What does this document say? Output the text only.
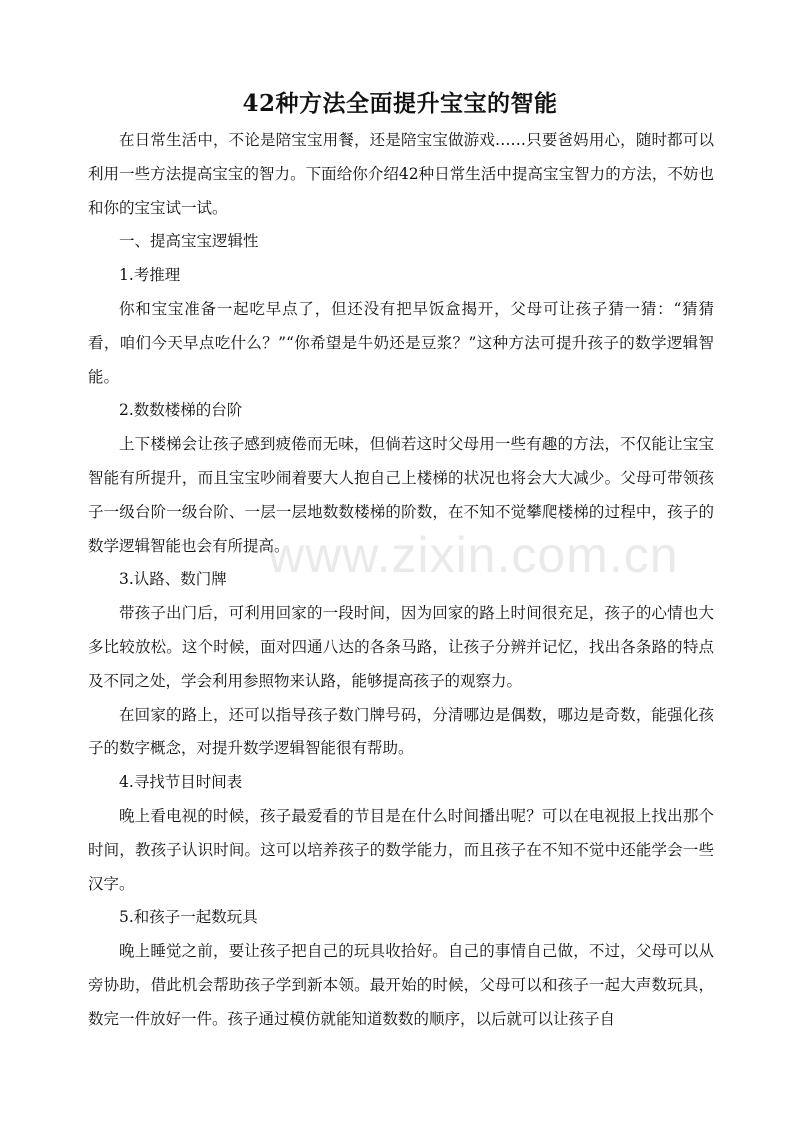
42种方法全面提升宝宝的智能

在日常生活中，不论是陪宝宝用餐，还是陪宝宝做游戏……只要爸妈用心，随时都可以利用一些方法提高宝宝的智力。下面给你介绍42种日常生活中提高宝宝智力的方法，不妨也和你的宝宝试一试。

一、提高宝宝逻辑性

1.考推理

你和宝宝准备一起吃早点了，但还没有把早饭盒揭开，父母可让孩子猜一猜：“猜猜看，咱们今天早点吃什么？”“你希望是牛奶还是豆浆？”这种方法可提升孩子的数学逻辑智能。

2.数数楼梯的台阶

上下楼梯会让孩子感到疲倦而无味，但倘若这时父母用一些有趣的方法，不仅能让宝宝智能有所提升，而且宝宝吵闹着要大人抱自己上楼梯的状况也将会大大减少。父母可带领孩子一级台阶一级台阶、一层一层地数数楼梯的阶数，在不知不觉攀爬楼梯的过程中，孩子的数学逻辑智能也会有所提高。

3.认路、数门牌

带孩子出门后，可利用回家的一段时间，因为回家的路上时间很充足，孩子的心情也大多比较放松。这个时候，面对四通八达的各条马路，让孩子分辨并记忆，找出各条路的特点及不同之处，学会利用参照物来认路，能够提高孩子的观察力。

在回家的路上，还可以指导孩子数门牌号码，分清哪边是偶数，哪边是奇数，能强化孩子的数字概念，对提升数学逻辑智能很有帮助。

4.寻找节目时间表

晚上看电视的时候，孩子最爱看的节目是在什么时间播出呢？可以在电视报上找出那个时间，教孩子认识时间。这可以培养孩子的数学能力，而且孩子在不知不觉中还能学会一些汉字。

5.和孩子一起数玩具

晚上睡觉之前，要让孩子把自己的玩具收拾好。自己的事情自己做，不过，父母可以从旁协助，借此机会帮助孩子学到新本领。最开始的时候，父母可以和孩子一起大声数玩具，数完一件放好一件。孩子通过模仿就能知道数数的顺序，以后就可以让孩子自

www.zixin.com.cn
